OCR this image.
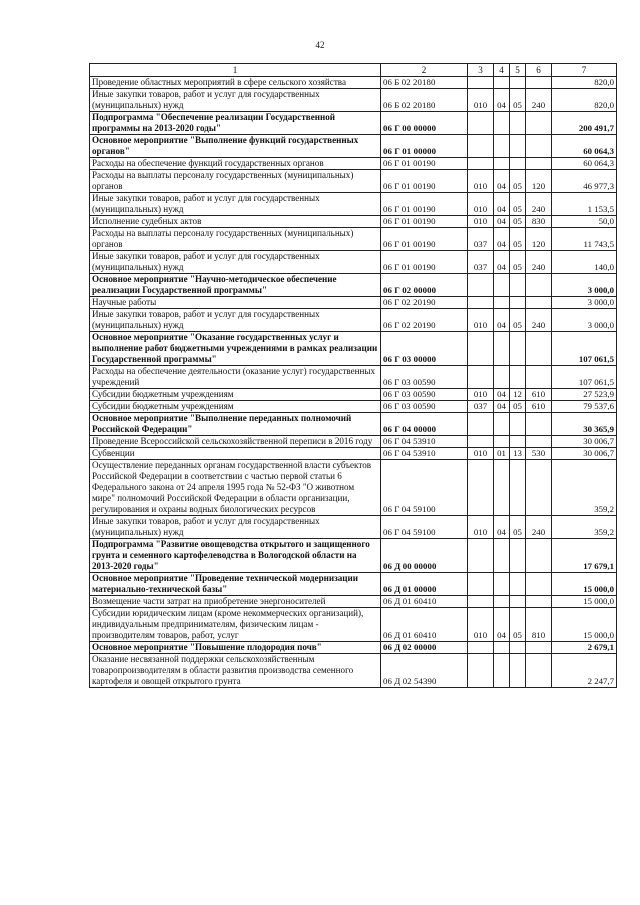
42
1	2	3	4	5	6	7
Проведение областных мероприятий в сфере сельского хозяйства	06 Б 02 20180					820,0
Иные закупки товаров, работ и услуг для государственных (муниципальных) нужд	06 Б 02 20180	010	04	05	240	820,0
Подпрограмма "Обеспечение реализации Государственной программы на 2013-2020 годы"	06 Г 00 00000					200 491,7
Основное мероприятие "Выполнение функций государственных органов"	06 Г 01 00000					60 064,3
Расходы на обеспечение функций государственных органов	06 Г 01 00190					60 064,3
Расходы на выплаты персоналу государственных (муниципальных) органов	06 Г 01 00190	010	04	05	120	46 977,3
Иные закупки товаров, работ и услуг для государственных (муниципальных) нужд	06 Г 01 00190	010	04	05	240	1 153,5
Исполнение судебных актов	06 Г 01 00190	010	04	05	830	50,0
Расходы на выплаты персоналу государственных (муниципальных) органов	06 Г 01 00190	037	04	05	120	11 743,5
Иные закупки товаров, работ и услуг для государственных (муниципальных) нужд	06 Г 01 00190	037	04	05	240	140,0
Основное мероприятие "Научно-методическое обеспечение реализации Государственной программы"	06 Г 02 00000					3 000,0
Научные работы	06 Г 02 20190					3 000,0
Иные закупки товаров, работ и услуг для государственных (муниципальных) нужд	06 Г 02 20190	010	04	05	240	3 000,0
Основное мероприятие "Оказание государственных услуг и выполнение работ бюджетными учреждениями в рамках реализации Государственной программы"	06 Г 03 00000					107 061,5
Расходы на обеспечение деятельности (оказание услуг) государственных учреждений	06 Г 03 00590					107 061,5
Субсидии бюджетным учреждениям	06 Г 03 00590	010	04	12	610	27 523,9
Субсидии бюджетным учреждениям	06 Г 03 00590	037	04	05	610	79 537,6
Основное мероприятие "Выполнение переданных полномочий Российской Федерации"	06 Г 04 00000					30 365,9
Проведение Всероссийской сельскохозяйственной переписи в 2016 году	06 Г 04 53910					30 006,7
Субвенции	06 Г 04 53910	010	01	13	530	30 006,7
Осуществление переданных органам государственной власти субъектов Российской Федерации в соответствии с частью первой статьи 6 Федерального закона от 24 апреля 1995 года № 52-ФЗ "О животном мире" полномочий Российской Федерации в области организации, регулирования и охраны водных биологических ресурсов	06 Г 04 59100					359,2
Иные закупки товаров, работ и услуг для государственных (муниципальных) нужд	06 Г 04 59100	010	04	05	240	359,2
Подпрограмма "Развитие овощеводства открытого и защищенного грунта и семенного картофелеводства в Вологодской области на 2013-2020 годы"	06 Д 00 00000					17 679,1
Основное мероприятие "Проведение технической модернизации материально-технической базы"	06 Д 01 00000					15 000,0
Возмещение части затрат на приобретение энергоносителей	06 Д 01 60410					15 000,0
Субсидии юридическим лицам (кроме некоммерческих организаций), индивидуальным предпринимателям, физическим лицам - производителям товаров, работ, услуг	06 Д 01 60410	010	04	05	810	15 000,0
Основное мероприятие "Повышение плодородия почв"	06 Д 02 00000					2 679,1
Оказание несвязанной поддержки сельскохозяйственным товаропроизводителям в области развития производства семенного картофеля и овощей открытого грунта	06 Д 02 54390					2 247,7
